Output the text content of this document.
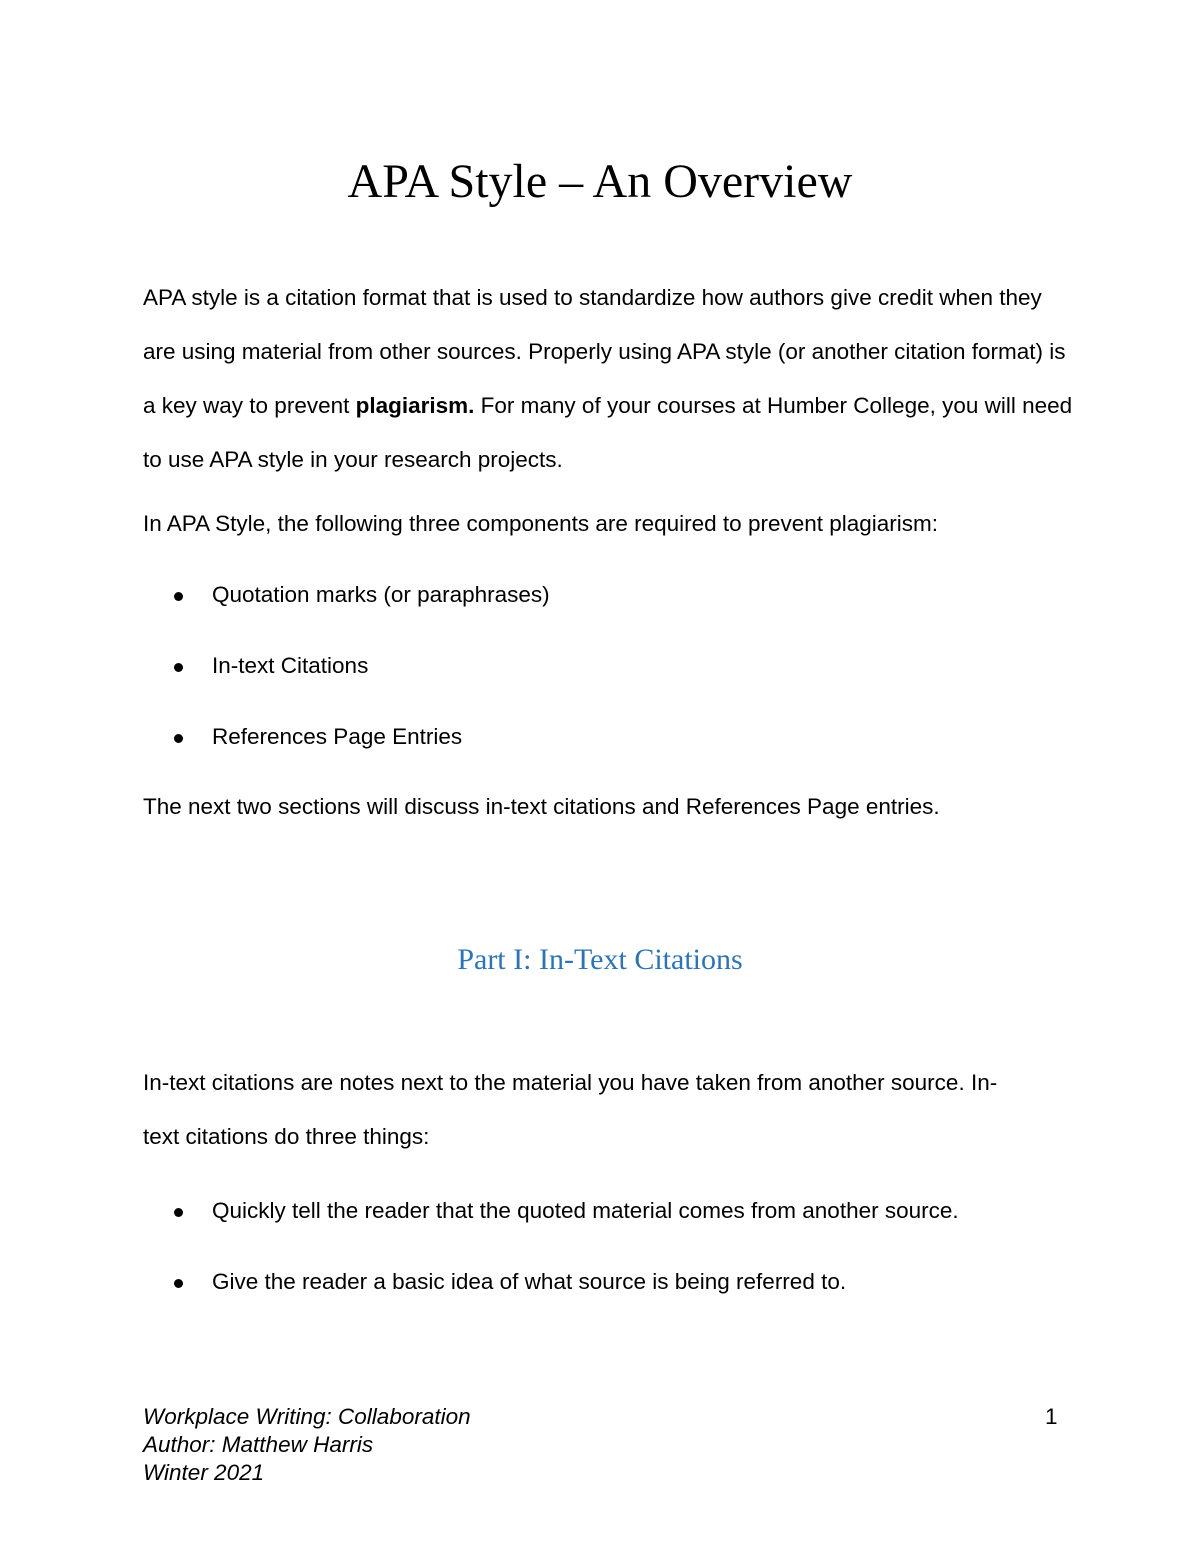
APA Style – An Overview
APA style is a citation format that is used to standardize how authors give credit when they are using material from other sources. Properly using APA style (or another citation format) is a key way to prevent plagiarism. For many of your courses at Humber College, you will need to use APA style in your research projects.
In APA Style, the following three components are required to prevent plagiarism:
Quotation marks (or paraphrases)
In-text Citations
References Page Entries
The next two sections will discuss in-text citations and References Page entries.
Part I: In-Text Citations
In-text citations are notes next to the material you have taken from another source. In-
text citations do three things:
Quickly tell the reader that the quoted material comes from another source.
Give the reader a basic idea of what source is being referred to.
Workplace Writing: Collaboration
Author: Matthew Harris
Winter 2021
1
